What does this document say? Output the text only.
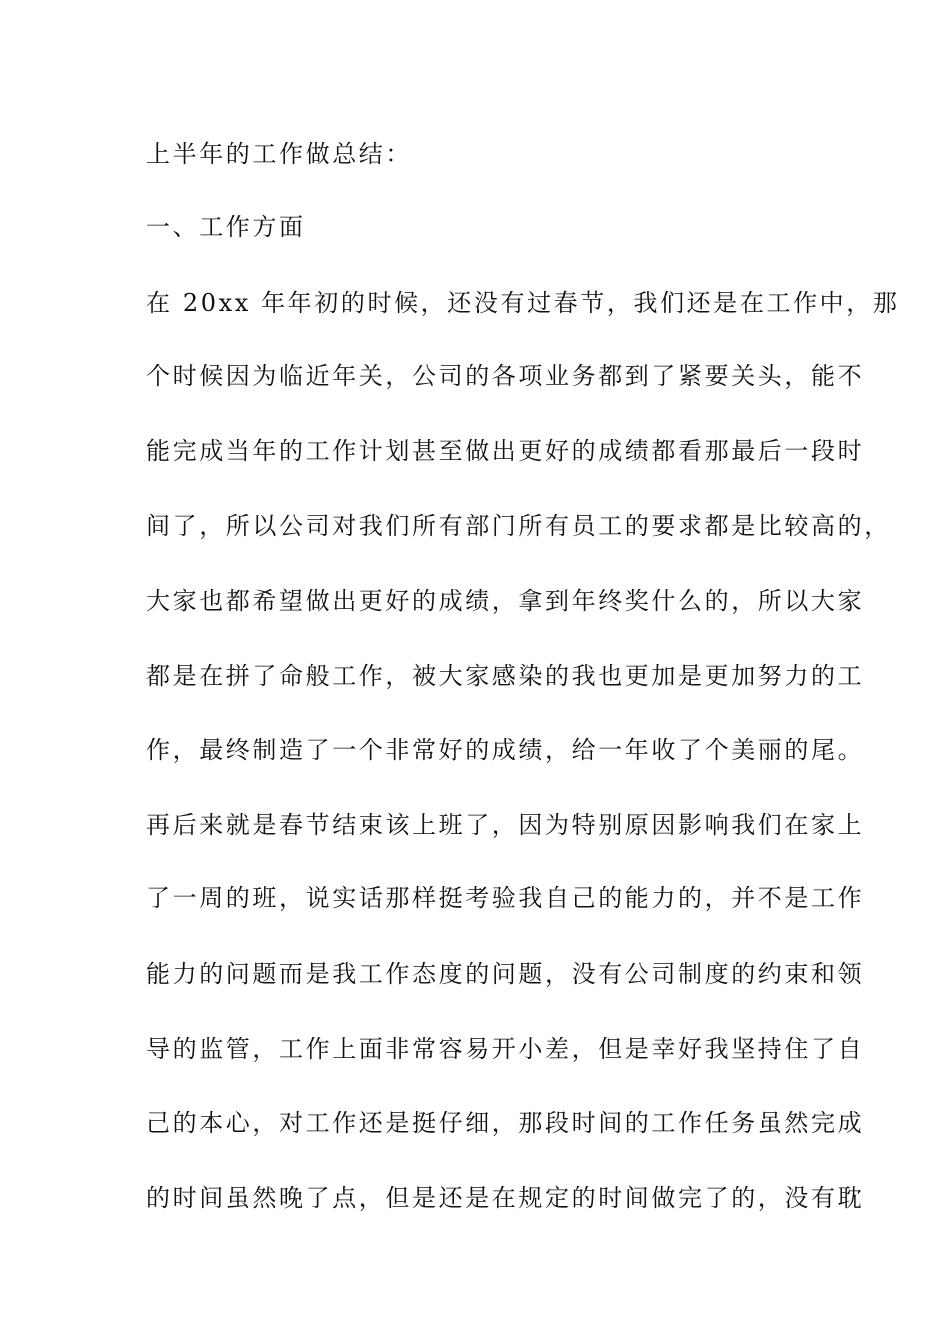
上半年的工作做总结：
一、工作方面
在 20xx 年年初的时候，还没有过春节，我们还是在工作中，那
个时候因为临近年关，公司的各项业务都到了紧要关头，能不
能完成当年的工作计划甚至做出更好的成绩都看那最后一段时
间了，所以公司对我们所有部门所有员工的要求都是比较高的，
大家也都希望做出更好的成绩，拿到年终奖什么的，所以大家
都是在拼了命般工作，被大家感染的我也更加是更加努力的工
作，最终制造了一个非常好的成绩，给一年收了个美丽的尾。
再后来就是春节结束该上班了，因为特别原因影响我们在家上
了一周的班，说实话那样挺考验我自己的能力的，并不是工作
能力的问题而是我工作态度的问题，没有公司制度的约束和领
导的监管，工作上面非常容易开小差，但是幸好我坚持住了自
己的本心，对工作还是挺仔细，那段时间的工作任务虽然完成
的时间虽然晚了点，但是还是在规定的时间做完了的，没有耽
